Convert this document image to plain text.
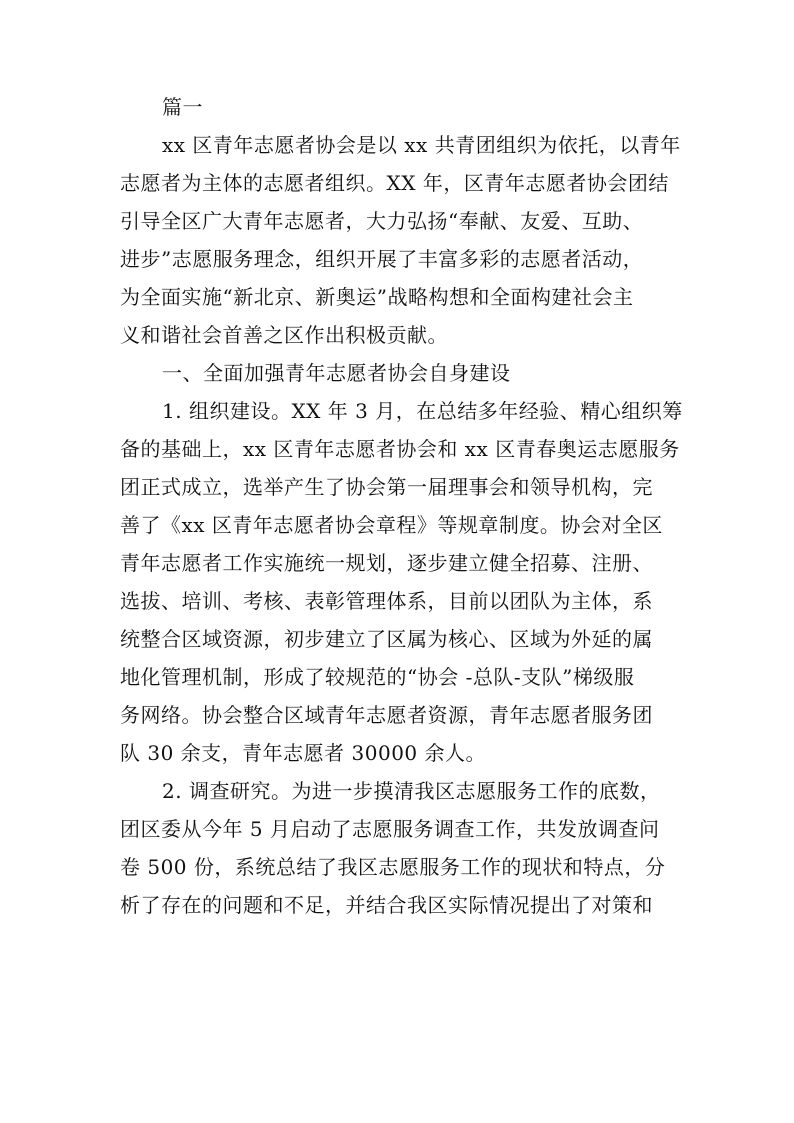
篇一
xx 区青年志愿者协会是以 xx 共青团组织为依托，以青年
志愿者为主体的志愿者组织。XX 年，区青年志愿者协会团结
引导全区广大青年志愿者，大力弘扬“奉献、友爱、互助、
进步”志愿服务理念，组织开展了丰富多彩的志愿者活动，
为全面实施“新北京、新奥运”战略构想和全面构建社会主
义和谐社会首善之区作出积极贡献。
一、全面加强青年志愿者协会自身建设
1. 组织建设。XX 年 3 月，在总结多年经验、精心组织筹
备的基础上，xx 区青年志愿者协会和 xx 区青春奥运志愿服务
团正式成立，选举产生了协会第一届理事会和领导机构，完
善了《xx 区青年志愿者协会章程》等规章制度。协会对全区
青年志愿者工作实施统一规划，逐步建立健全招募、注册、
选拔、培训、考核、表彰管理体系，目前以团队为主体，系
统整合区域资源，初步建立了区属为核心、区域为外延的属
地化管理机制，形成了较规范的“协会 -总队-支队”梯级服
务网络。协会整合区域青年志愿者资源，青年志愿者服务团
队 30 余支，青年志愿者 30000 余人。
2. 调查研究。为进一步摸清我区志愿服务工作的底数，
团区委从今年 5 月启动了志愿服务调查工作，共发放调查问
卷 500 份，系统总结了我区志愿服务工作的现状和特点，分
析了存在的问题和不足，并结合我区实际情况提出了对策和
